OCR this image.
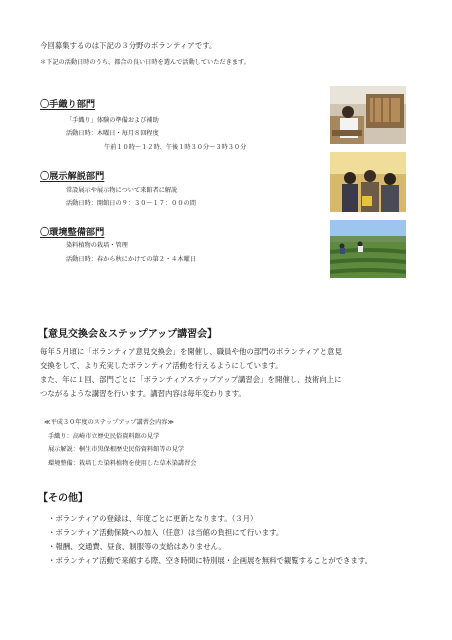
今回募集するのは下記の３分野のボランティアです。
＊下記の活動日時のうち、都合の良い日時を選んで活動していただきます。
〇手織り部門
「手織り」体験の準備および補助
活動日時：木曜日・毎月８回程度
午前１０時～１２時、午後１時３０分～３時３０分
〇展示解説部門
常設展示や展示物について来館者に解説
活動日時：開館日の９：３０～１７：００の間
〇環境整備部門
染料植物の栽培・管理
活動日時：春から秋にかけての第２・４木曜日
【意見交換会＆ステップアップ講習会】
毎年５月頃に「ボランティア意見交換会」を開催し、職員や他の部門のボランティアと意見
交換をして、より充実したボランティア活動を行えるようにしています。
また、年に１回、部門ごとに「ボランティアステップアップ講習会」を開催し、技術向上に
つながるような講習を行います。講習内容は毎年変わります。
≪平成３０年度のステップアップ講習会内容≫
手織り：高崎市立歴史民俗資料館の見学
展示解説：桐生市黒保根歴史民俗資料館等の見学
環境整備：栽培した染料植物を使用した草木染講習会
【その他】
・ボランティアの登録は、年度ごとに更新となります。（３月）
・ボランティア活動保険への加入（任意）は当館の負担にて行います。
・報酬、交通費、昼食、制服等の支給はありません。
・ボランティア活動で来館する際、空き時間に特別展・企画展を無料で観覧することができます。
